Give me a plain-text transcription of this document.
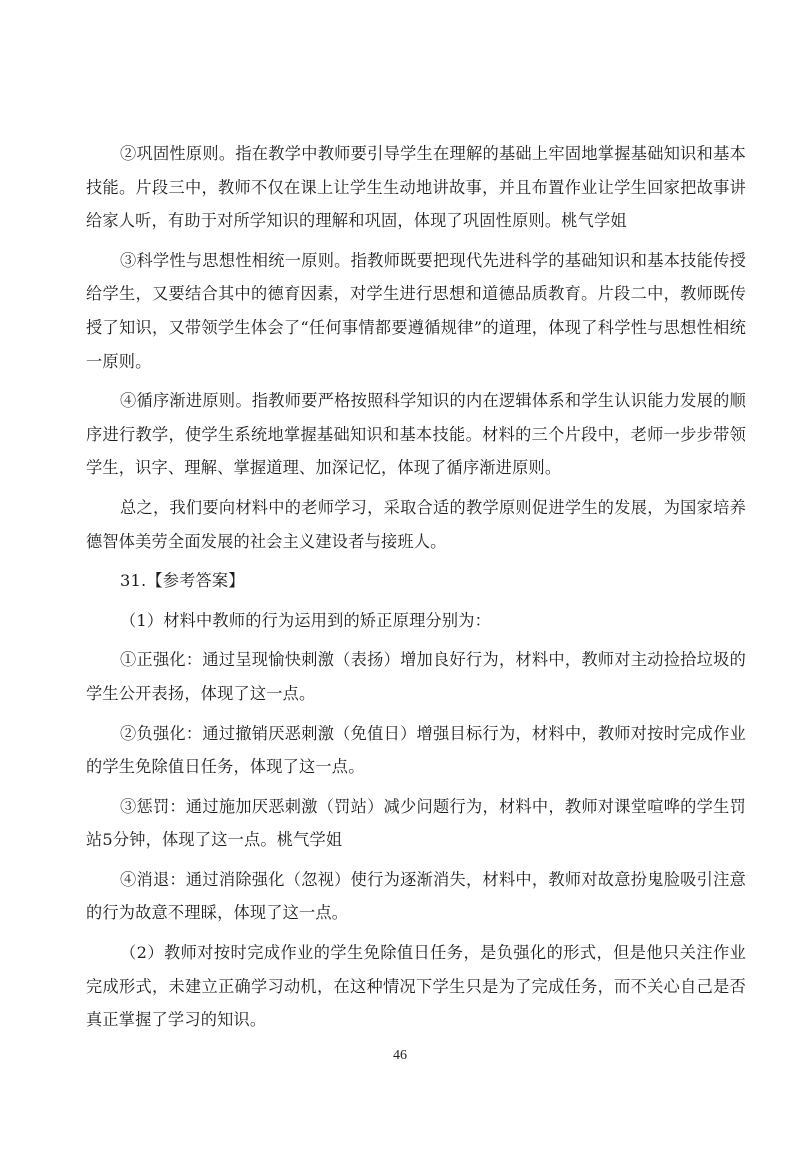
②巩固性原则。指在教学中教师要引导学生在理解的基础上牢固地掌握基础知识和基本技能。片段三中，教师不仅在课上让学生生动地讲故事，并且布置作业让学生回家把故事讲给家人听，有助于对所学知识的理解和巩固，体现了巩固性原则。桃气学姐

③科学性与思想性相统一原则。指教师既要把现代先进科学的基础知识和基本技能传授给学生，又要结合其中的德育因素，对学生进行思想和道德品质教育。片段二中，教师既传授了知识，又带领学生体会了“任何事情都要遵循规律”的道理，体现了科学性与思想性相统一原则。

④循序渐进原则。指教师要严格按照科学知识的内在逻辑体系和学生认识能力发展的顺序进行教学，使学生系统地掌握基础知识和基本技能。材料的三个片段中，老师一步步带领学生，识字、理解、掌握道理、加深记忆，体现了循序渐进原则。

总之，我们要向材料中的老师学习，采取合适的教学原则促进学生的发展，为国家培养德智体美劳全面发展的社会主义建设者与接班人。

31.【参考答案】

（1）材料中教师的行为运用到的矫正原理分别为：

①正强化：通过呈现愉快刺激（表扬）增加良好行为，材料中，教师对主动捡拾垃圾的学生公开表扬，体现了这一点。

②负强化：通过撤销厌恶刺激（免值日）增强目标行为，材料中，教师对按时完成作业的学生免除值日任务，体现了这一点。

③惩罚：通过施加厌恶刺激（罚站）减少问题行为，材料中，教师对课堂喧哗的学生罚站5分钟，体现了这一点。桃气学姐

④消退：通过消除强化（忽视）使行为逐渐消失，材料中，教师对故意扮鬼脸吸引注意的行为故意不理睬，体现了这一点。

（2）教师对按时完成作业的学生免除值日任务，是负强化的形式，但是他只关注作业完成形式，未建立正确学习动机，在这种情况下学生只是为了完成任务，而不关心自己是否真正掌握了学习的知识。

46
